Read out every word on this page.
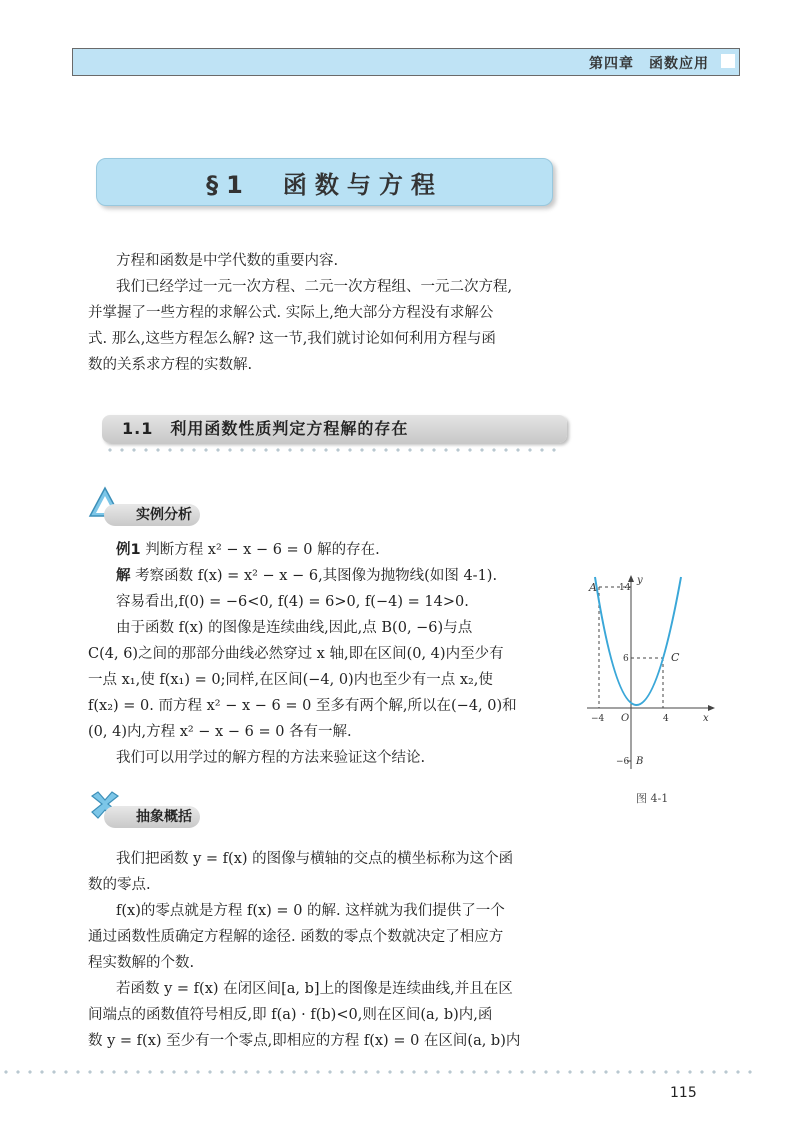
第四章　函数应用
§1　函数与方程

方程和函数是中学代数的重要内容.

我们已经学过一元一次方程、二元一次方程组、一元二次方程,

并掌握了一些方程的求解公式. 实际上,绝大部分方程没有求解公

式. 那么,这些方程怎么解? 这一节,我们就讨论如何利用方程与函

数的关系求方程的实数解.

1.1　利用函数性质判定方程解的存在
实例分析

例1 判断方程 x² − x − 6 = 0 解的存在.

解 考察函数 f(x) = x² − x − 6,其图像为抛物线(如图 4-1).

容易看出,f(0) = −6<0, f(4) = 6>0, f(−4) = 14>0.

由于函数 f(x) 的图像是连续曲线,因此,点 B(0, −6)与点

C(4, 6)之间的那部分曲线必然穿过 x 轴,即在区间(0, 4)内至少有

一点 x₁,使 f(x₁) = 0;同样,在区间(−4, 0)内也至少有一点 x₂,使

f(x₂) = 0. 而方程 x² − x − 6 = 0 至多有两个解,所以在(−4, 0)和

(0, 4)内,方程 x² − x − 6 = 0 各有一解.

我们可以用学过的解方程的方法来验证这个结论.

A
B
C
O	x
y
14
6
−6
−4	4
图 4-1
抽象概括

我们把函数 y = f(x) 的图像与横轴的交点的横坐标称为这个函

数的零点.

f(x)的零点就是方程 f(x) = 0 的解. 这样就为我们提供了一个

通过函数性质确定方程解的途径. 函数的零点个数就决定了相应方

程实数解的个数.

若函数 y = f(x) 在闭区间[a, b]上的图像是连续曲线,并且在区

间端点的函数值符号相反,即 f(a) · f(b)<0,则在区间(a, b)内,函

数 y = f(x) 至少有一个零点,即相应的方程 f(x) = 0 在区间(a, b)内

115
